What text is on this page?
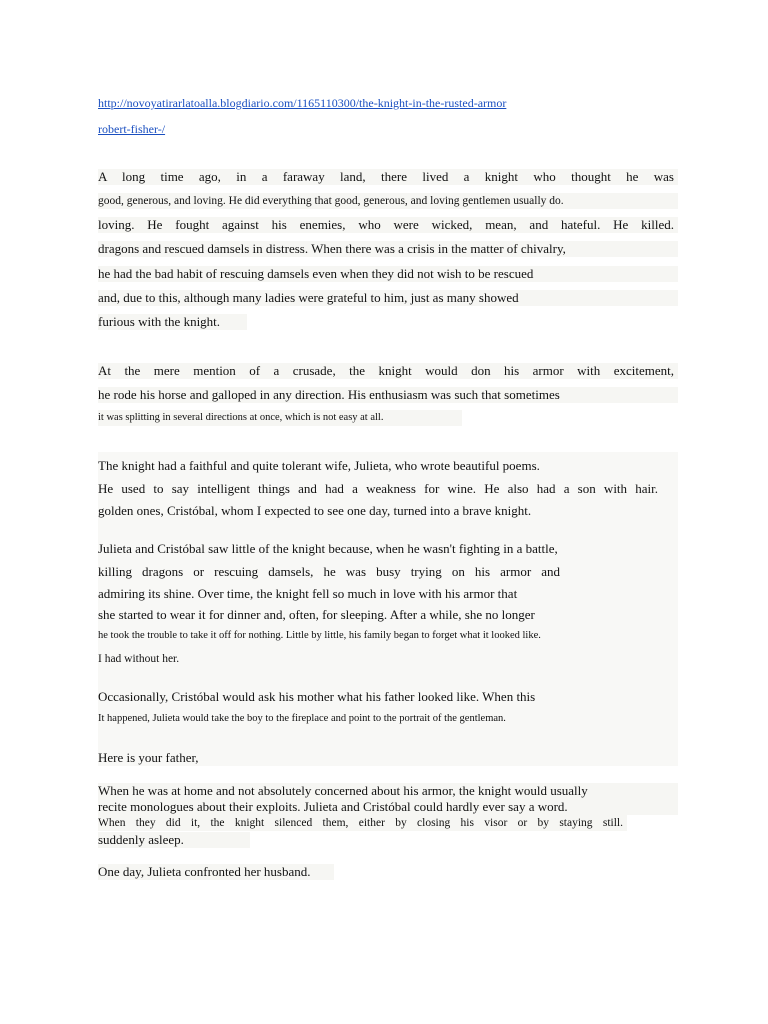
http://novoyatirarlatoalla.blogdiario.com/1165110300/the-knight-in-the-rusted-armor
robert-fisher-/
A long time ago, in a faraway land, there lived a knight who thought he was
good, generous, and loving. He did everything that good, generous, and loving gentlemen usually do.
loving. He fought against his enemies, who were wicked, mean, and hateful. He killed.
dragons and rescued damsels in distress. When there was a crisis in the matter of chivalry,
he had the bad habit of rescuing damsels even when they did not wish to be rescued
and, due to this, although many ladies were grateful to him, just as many showed
furious with the knight.
At the mere mention of a crusade, the knight would don his armor with excitement,
he rode his horse and galloped in any direction. His enthusiasm was such that sometimes
it was splitting in several directions at once, which is not easy at all.
The knight had a faithful and quite tolerant wife, Julieta, who wrote beautiful poems.
He used to say intelligent things and had a weakness for wine. He also had a son with hair.
golden ones, Cristóbal, whom I expected to see one day, turned into a brave knight.
Julieta and Cristóbal saw little of the knight because, when he wasn't fighting in a battle,
killing dragons or rescuing damsels, he was busy trying on his armor and
admiring its shine. Over time, the knight fell so much in love with his armor that
she started to wear it for dinner and, often, for sleeping. After a while, she no longer
he took the trouble to take it off for nothing. Little by little, his family began to forget what it looked like.
I had without her.
Occasionally, Cristóbal would ask his mother what his father looked like. When this
It happened, Julieta would take the boy to the fireplace and point to the portrait of the gentleman.
Here is your father,
When he was at home and not absolutely concerned about his armor, the knight would usually
recite monologues about their exploits. Julieta and Cristóbal could hardly ever say a word.
When they did it, the knight silenced them, either by closing his visor or by staying still.
suddenly asleep.
One day, Julieta confronted her husband.
